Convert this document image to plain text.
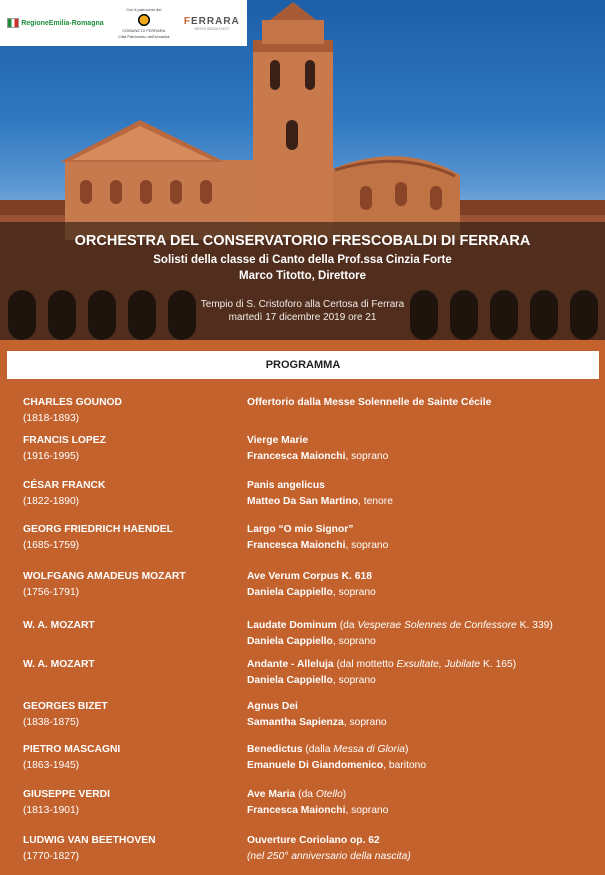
RegioneEmilia-Romagna
Con il patrocinio del
COMUNE DI FERRARA
Città Patrimonio dell'Umanità
FERRARA
RESTA SENZA FIATO

ORCHESTRA DEL CONSERVATORIO FRESCOBALDI DI FERRARA

Solisti della classe di Canto della Prof.ssa Cinzia Forte

Marco Titotto, Direttore

Tempio di S. Cristoforo alla Certosa di Ferrara
martedì 17 dicembre 2019 ore 21
PROGRAMMA
CHARLES GOUNOD
(1818-1893)
Offertorio dalla Messe Solennelle de Sainte Cécile
FRANCIS LOPEZ
(1916-1995)
Vierge Marie
Francesca Maionchi, soprano
CÉSAR FRANCK
(1822-1890)
Panis angelicus
Matteo Da San Martino, tenore
GEORG FRIEDRICH HAENDEL
(1685-1759)
Largo “O mio Signor”
Francesca Maionchi, soprano
WOLFGANG AMADEUS MOZART
(1756-1791)
Ave Verum Corpus K. 618
Daniela Cappiello, soprano
W. A. MOZART	Laudate Dominum (da Vesperae Solennes de Confessore K. 339)
Daniela Cappiello, soprano
W. A. MOZART	Andante - Alleluja (dal mottetto Exsultate, Jubilate K. 165)
Daniela Cappiello, soprano
GEORGES BIZET
(1838-1875)
Agnus Dei
Samantha Sapienza, soprano
PIETRO MASCAGNI
(1863-1945)
Benedictus (dalla Messa di Gloria)
Emanuele Di Giandomenico, baritono
GIUSEPPE VERDI
(1813-1901)
Ave Maria (da Otello)
Francesca Maionchi, soprano
LUDWIG VAN BEETHOVEN
(1770-1827)
Ouverture Coriolano op. 62
(nel 250° anniversario della nascita)
